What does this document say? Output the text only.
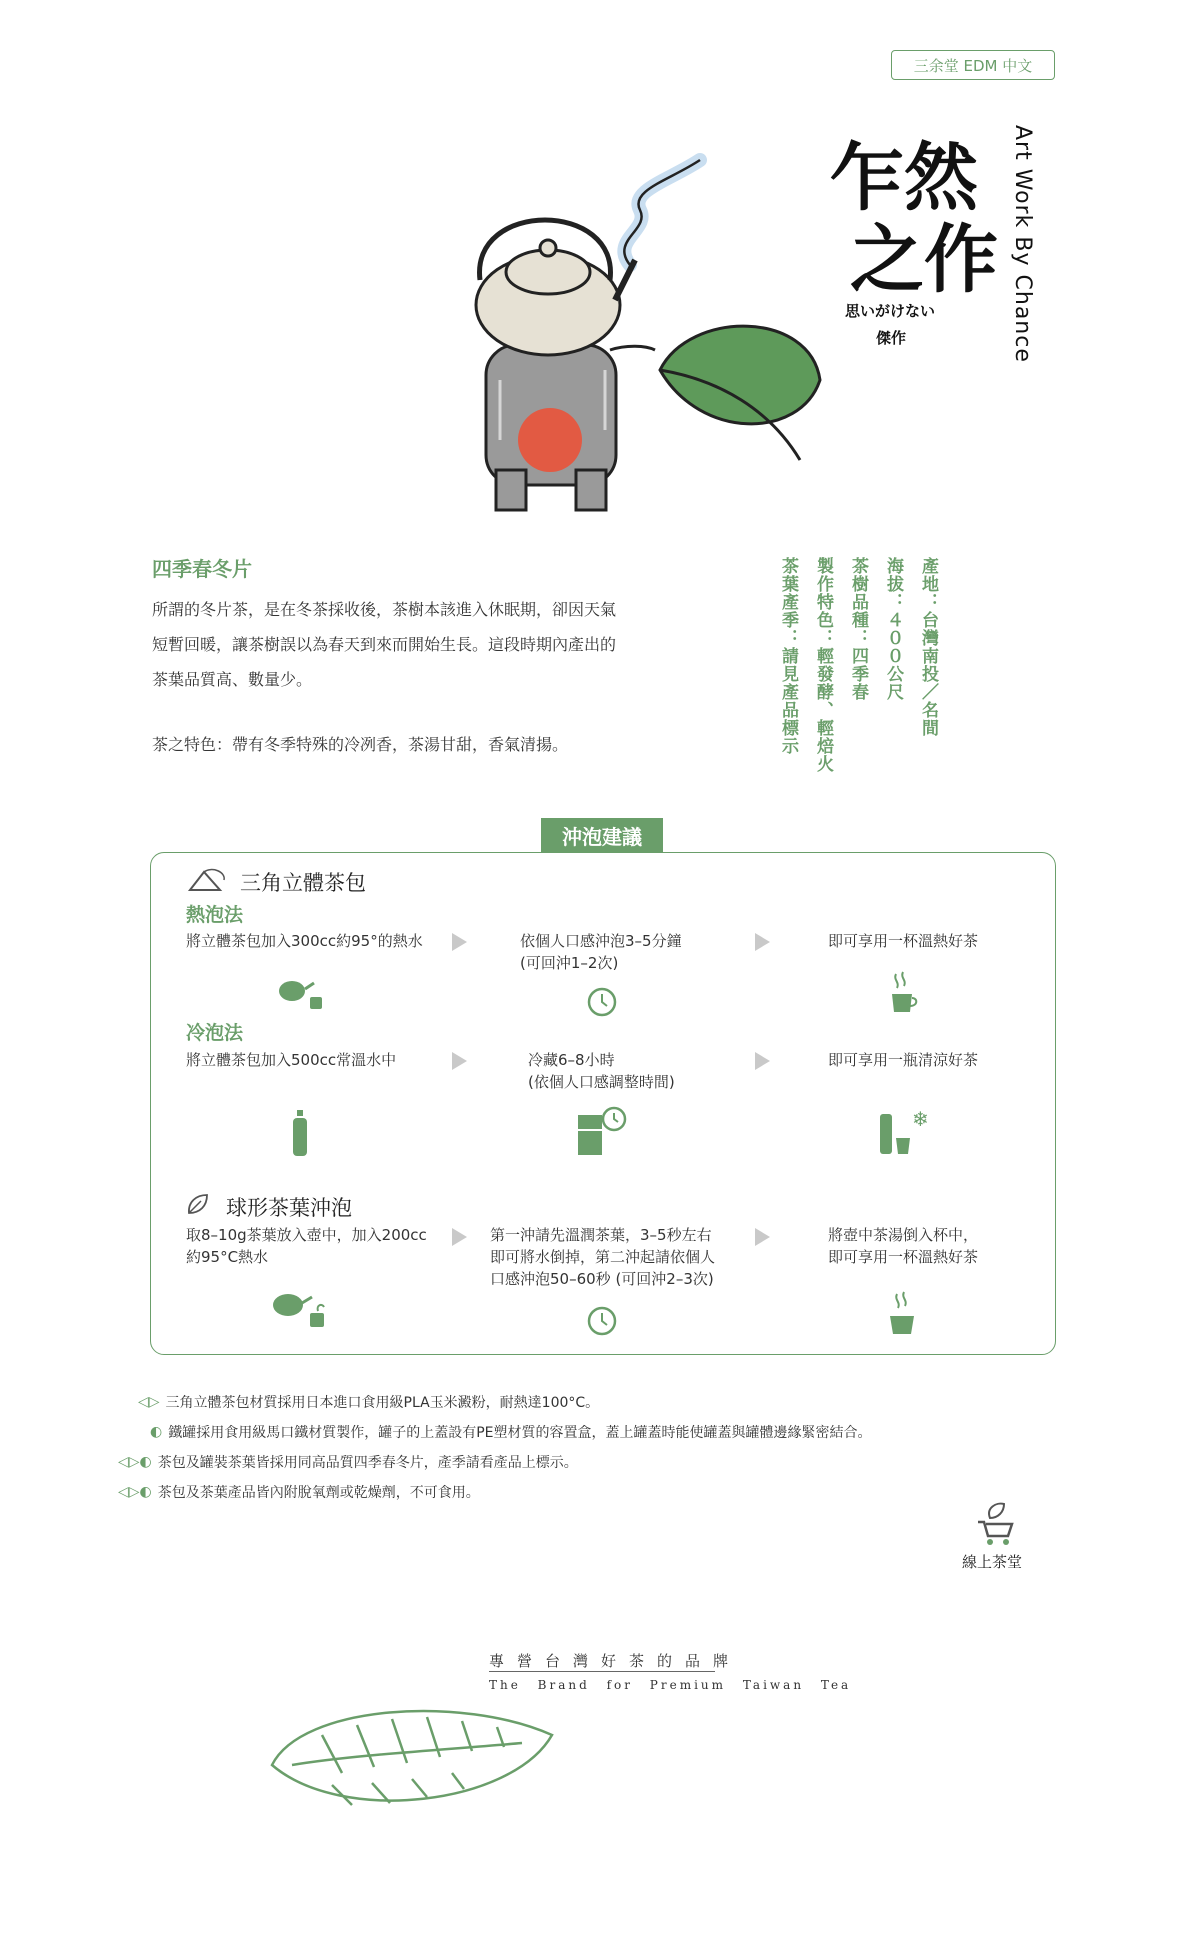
三余堂 EDM 中文
乍然
之作 Art Work By Chance
思いがけない
傑作
四季春冬片
所謂的冬片茶，是在冬茶採收後，茶樹本該進入休眠期，卻因天氣
短暫回暖，讓茶樹誤以為春天到來而開始生長。這段時期內產出的
茶葉品質高、數量少。
茶之特色：帶有冬季特殊的冷冽香，茶湯甘甜，香氣清揚。
產地：台灣南投／名間
海拔：４００公尺
茶樹品種：四季春
製作特色：輕發酵、輕焙火
茶葉產季：請見產品標示
沖泡建議
三角立體茶包
熱泡法
將立體茶包加入300cc約95°的熱水	依個人口感沖泡3–5分鐘
(可回沖1–2次)
即可享用一杯溫熱好茶
冷泡法
將立體茶包加入500cc常溫水中	冷藏6–8小時
(依個人口感調整時間)
即可享用一瓶清涼好茶
❄
球形茶葉沖泡
取8–10g茶葉放入壺中，加入200cc
約95°C熱水
第一沖請先溫潤茶葉，3–5秒左右
即可將水倒掉，第二沖起請依個人
口感沖泡50–60秒 (可回沖2–3次)
將壺中茶湯倒入杯中，
即可享用一杯溫熱好茶
◁▷ 三角立體茶包材質採用日本進口食用級PLA玉米澱粉，耐熱達100°C。
◐ 鐵罐採用食用級馬口鐵材質製作，罐子的上蓋設有PE塑材質的容置盒，蓋上罐蓋時能使罐蓋與罐體邊緣緊密結合。
◁▷◐ 茶包及罐裝茶葉皆採用同高品質四季春冬片，產季請看產品上標示。
◁▷◐ 茶包及茶葉產品皆內附脫氧劑或乾燥劑，不可食用。
線上茶堂
專營台灣好茶的品牌
The Brand for Premium Taiwan Tea
